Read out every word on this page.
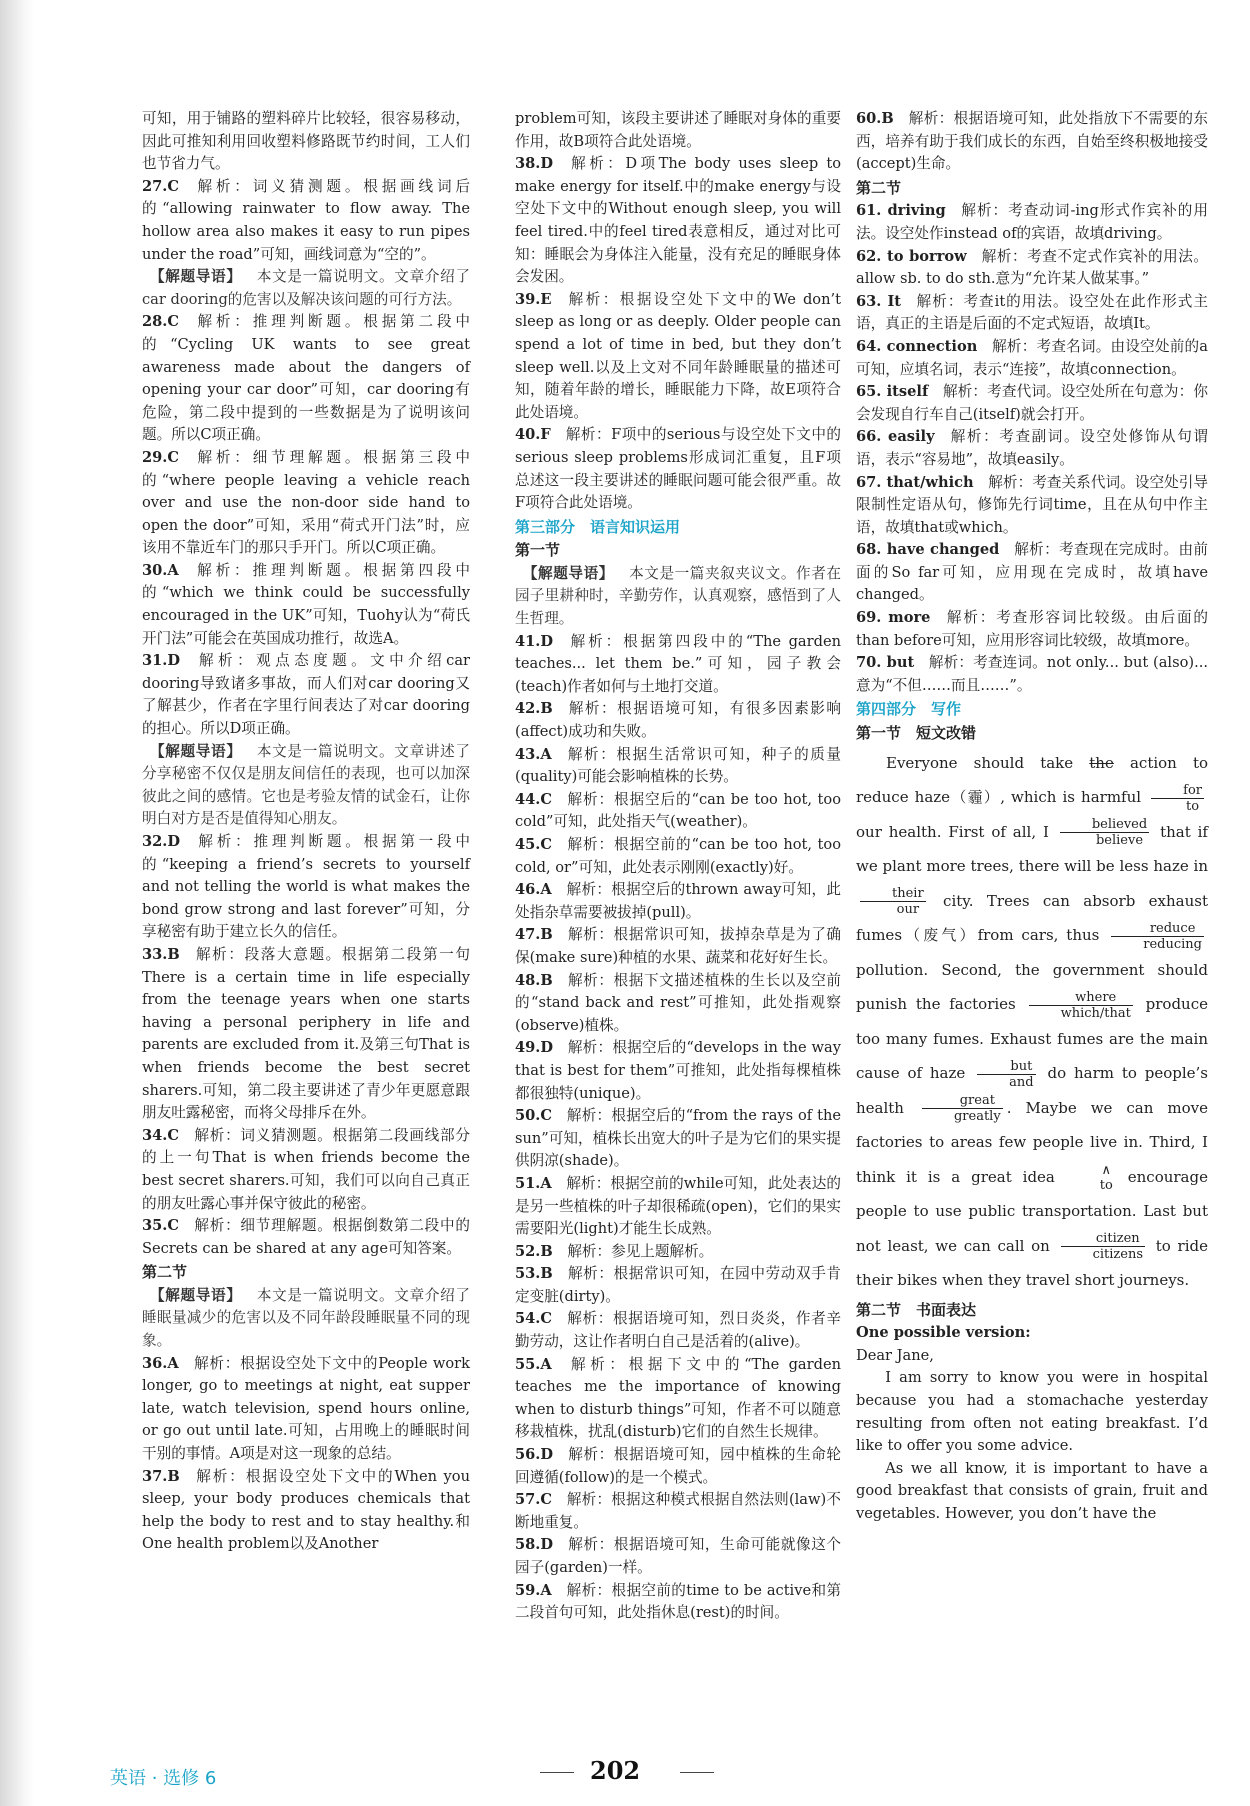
可知，用于铺路的塑料碎片比较轻，很容易移动，因此可推知利用回收塑料修路既节约时间，工人们也节省力气。

27.C  解析：词义猜测题。根据画线词后的“allowing rainwater to flow away. The hollow area also makes it easy to run pipes under the road”可知，画线词意为“空的”。

 【解题导语】  本文是一篇说明文。文章介绍了car dooring的危害以及解决该问题的可行方法。

28.C  解析：推理判断题。根据第二段中的“Cycling UK wants to see great awareness made about the dangers of opening your car door”可知，car dooring有危险，第二段中提到的一些数据是为了说明该问题。所以C项正确。

29.C  解析：细节理解题。根据第三段中的“where people leaving a vehicle reach over and use the non-door side hand to open the door”可知，采用“荷式开门法”时，应该用不靠近车门的那只手开门。所以C项正确。

30.A  解析：推理判断题。根据第四段中的“which we think could be successfully encouraged in the UK”可知，Tuohy认为“荷氏开门法”可能会在英国成功推行，故选A。

31.D  解析：观点态度题。文中介绍car dooring导致诸多事故，而人们对car dooring又了解甚少，作者在字里行间表达了对car dooring的担心。所以D项正确。

 【解题导语】  本文是一篇说明文。文章讲述了分享秘密不仅仅是朋友间信任的表现，也可以加深彼此之间的感情。它也是考验友情的试金石，让你明白对方是否是值得知心朋友。

32.D  解析：推理判断题。根据第一段中的“keeping a friend’s secrets to yourself and not telling the world is what makes the bond grow strong and last forever”可知，分享秘密有助于建立长久的信任。

33.B  解析：段落大意题。根据第二段第一句There is a certain time in life especially from the teenage years when one starts having a personal periphery in life and parents are excluded from it.及第三句That is when friends become the best secret sharers.可知，第二段主要讲述了青少年更愿意跟朋友吐露秘密，而将父母排斥在外。

34.C  解析：词义猜测题。根据第二段画线部分的上一句That is when friends become the best secret sharers.可知，我们可以向自己真正的朋友吐露心事并保守彼此的秘密。

35.C  解析：细节理解题。根据倒数第二段中的Secrets can be shared at any age可知答案。

第二节

 【解题导语】  本文是一篇说明文。文章介绍了睡眠量减少的危害以及不同年龄段睡眠量不同的现象。

36.A  解析：根据设空处下文中的People work longer, go to meetings at night, eat supper late, watch television, spend hours online, or go out until late.可知，占用晚上的睡眠时间干别的事情。A项是对这一现象的总结。

37.B  解析：根据设空处下文中的When you sleep, your body produces chemicals that help the body to rest and to stay healthy.和One health problem以及Another

problem可知，该段主要讲述了睡眠对身体的重要作用，故B项符合此处语境。

38.D  解析：D项The body uses sleep to make energy for itself.中的make energy与设空处下文中的Without enough sleep, you will feel tired.中的feel tired表意相反，通过对比可知：睡眠会为身体注入能量，没有充足的睡眠身体会发困。

39.E  解析：根据设空处下文中的We don’t sleep as long or as deeply. Older people can spend a lot of time in bed, but they don’t sleep well.以及上文对不同年龄睡眠量的描述可知，随着年龄的增长，睡眠能力下降，故E项符合此处语境。

40.F  解析：F项中的serious与设空处下文中的serious sleep problems形成词汇重复，且F项总述这一段主要讲述的睡眠问题可能会很严重。故F项符合此处语境。

第三部分　语言知识运用
第一节

 【解题导语】  本文是一篇夹叙夹议文。作者在园子里耕种时，辛勤劳作，认真观察，感悟到了人生哲理。

41.D  解析：根据第四段中的“The garden teaches... let them be.”可知，园子教会(teach)作者如何与土地打交道。

42.B  解析：根据语境可知，有很多因素影响(affect)成功和失败。

43.A  解析：根据生活常识可知，种子的质量(quality)可能会影响植株的长势。

44.C  解析：根据空后的“can be too hot, too cold”可知，此处指天气(weather)。

45.C  解析：根据空前的“can be too hot, too cold, or”可知，此处表示刚刚(exactly)好。

46.A  解析：根据空后的thrown away可知，此处指杂草需要被拔掉(pull)。

47.B  解析：根据常识可知，拔掉杂草是为了确保(make sure)种植的水果、蔬菜和花好好生长。

48.B  解析：根据下文描述植株的生长以及空前的“stand back and rest”可推知，此处指观察(observe)植株。

49.D  解析：根据空后的“develops in the way that is best for them”可推知，此处指每棵植株都很独特(unique)。

50.C  解析：根据空后的“from the rays of the sun”可知，植株长出宽大的叶子是为它们的果实提供阴凉(shade)。

51.A  解析：根据空前的while可知，此处表达的是另一些植株的叶子却很稀疏(open)，它们的果实需要阳光(light)才能生长成熟。

52.B  解析：参见上题解析。

53.B  解析：根据常识可知，在园中劳动双手肯定变脏(dirty)。

54.C  解析：根据语境可知，烈日炎炎，作者辛勤劳动，这让作者明白自己是活着的(alive)。

55.A  解析：根据下文中的“The garden teaches me the importance of knowing when to disturb things”可知，作者不可以随意移栽植株，扰乱(disturb)它们的自然生长规律。

56.D  解析：根据语境可知，园中植株的生命轮回遵循(follow)的是一个模式。

57.C  解析：根据这种模式根据自然法则(law)不断地重复。

58.D  解析：根据语境可知，生命可能就像这个园子(garden)一样。

59.A  解析：根据空前的time to be active和第二段首句可知，此处指休息(rest)的时间。

60.B  解析：根据语境可知，此处指放下不需要的东西，培养有助于我们成长的东西，自始至终积极地接受(accept)生命。

第二节

61. driving  解析：考查动词-ing形式作宾补的用法。设空处作instead of的宾语，故填driving。

62. to borrow  解析：考查不定式作宾补的用法。allow sb. to do sth.意为“允许某人做某事。”

63. It  解析：考查it的用法。设空处在此作形式主语，真正的主语是后面的不定式短语，故填It。

64. connection  解析：考查名词。由设空处前的a可知，应填名词，表示“连接”，故填connection。

65. itself  解析：考查代词。设空处所在句意为：你会发现自行车自己(itself)就会打开。

66. easily  解析：考查副词。设空处修饰从句谓语，表示“容易地”，故填easily。

67. that/which  解析：考查关系代词。设空处引导限制性定语从句，修饰先行词time，且在从句中作主语，故填that或which。

68. have changed  解析：考查现在完成时。由前面的So far可知，应用现在完成时，故填have changed。

69. more  解析：考查形容词比较级。由后面的than before可知，应用形容词比较级，故填more。

70. but  解析：考查连词。not only... but (also)... 意为“不但……而且……”。

第四部分　写作
第一节　短文改错

Everyone should take the action to reduce haze（霾）, which is harmful	for
to
our health. First of all, I	believed
believe	that if we plant more trees, there will be less haze in
their
our	city. Trees can absorb exhaust fumes（废气）from cars, thus	reduce
reducing
pollution. Second, the government should punish the factories	where
which/that produce too many fumes. Exhaust fumes are the main cause of haze	but
and do harm to people’s health	great
greatly . Maybe we can move factories to areas few people live in. Third, I think it is a great idea	∧
to encourage people to use public transportation. Last but not least, we can call on	citizen
citizens to ride their bikes when they travel short journeys.

第二节　书面表达

One possible version:

Dear Jane,

I am sorry to know you were in hospital because you had a stomachache yesterday resulting from often not eating breakfast. I’d like to offer you some advice.

As we all know, it is important to have a good breakfast that consists of grain, fruit and vegetables. However, you don’t have the

英语 · 选修 6	202
